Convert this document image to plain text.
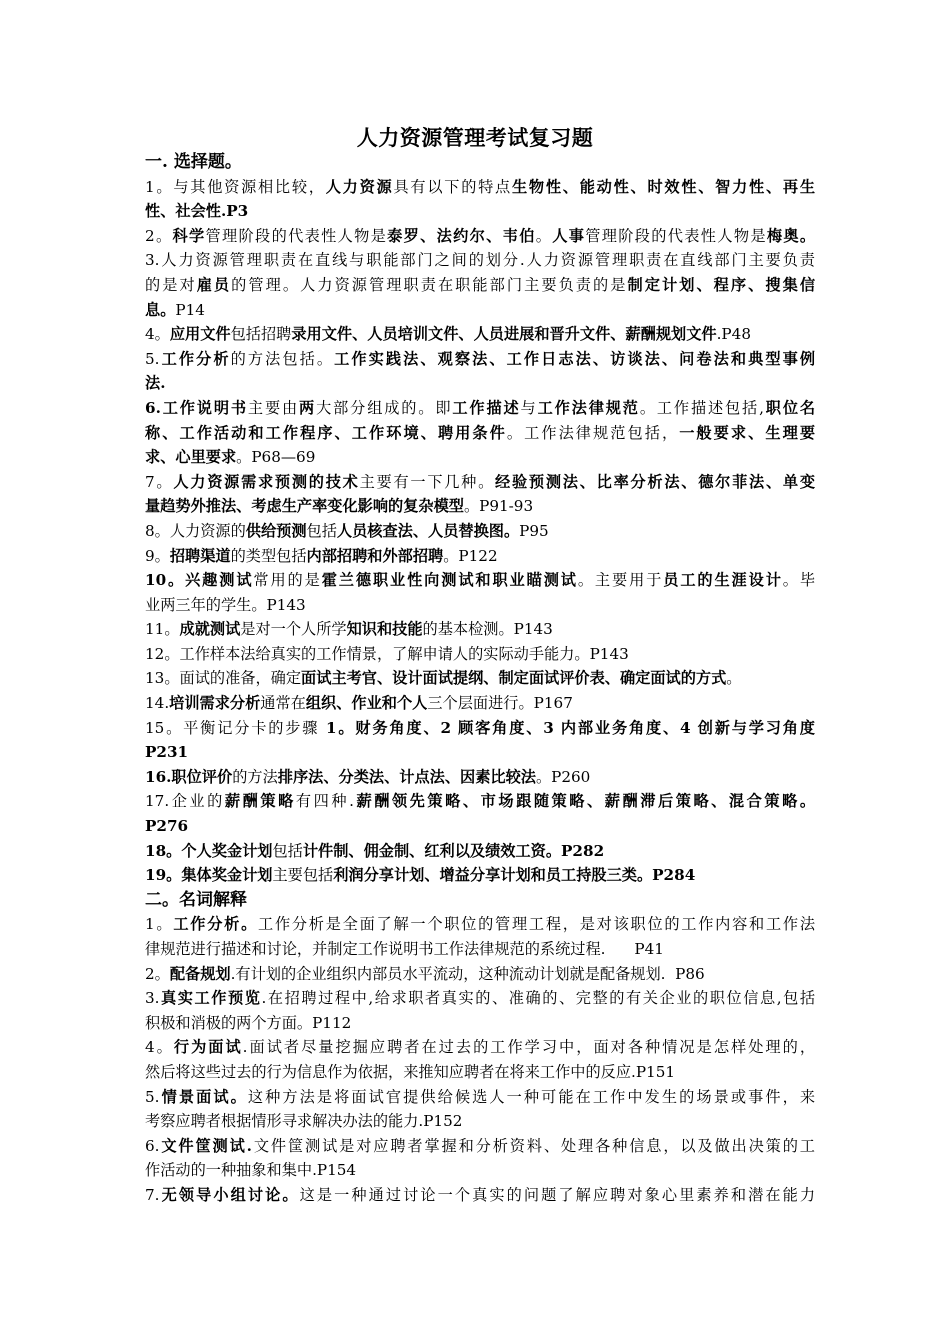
人力资源管理考试复习题
一. 选择题。

1。与其他资源相比较，人力资源具有以下的特点生物性、能动性、时效性、智力性、再生

性、社会性.P3

2。科学管理阶段的代表性人物是泰罗、法约尔、韦伯。人事管理阶段的代表性人物是梅奥。

3.人力资源管理职责在直线与职能部门之间的划分.人力资源管理职责在直线部门主要负责

的是对雇员的管理。人力资源管理职责在职能部门主要负责的是制定计划、程序、搜集信

息。P14

4。应用文件包括招聘录用文件、人员培训文件、人员进展和晋升文件、薪酬规划文件.P48

5.工作分析的方法包括。工作实践法、观察法、工作日志法、访谈法、问卷法和典型事例

法.

6.工作说明书主要由两大部分组成的。即工作描述与工作法律规范。工作描述包括,职位名

称、工作活动和工作程序、工作环境、聘用条件。工作法律规范包括，一般要求、生理要

求、心里要求。P68—69

7。人力资源需求预测的技术主要有一下几种。经验预测法、比率分析法、德尔菲法、单变

量趋势外推法、考虑生产率变化影响的复杂模型。P91-93

8。人力资源的供给预测包括人员核查法、人员替换图。P95

9。招聘渠道的类型包括内部招聘和外部招聘。P122

10。兴趣测试常用的是霍兰德职业性向测试和职业瞄测试。主要用于员工的生涯设计。毕

业两三年的学生。P143

11。成就测试是对一个人所学知识和技能的基本检测。P143

12。工作样本法给真实的工作情景，了解申请人的实际动手能力。P143

13。面试的准备，确定面试主考官、设计面试提纲、制定面试评价表、确定面试的方式。

14.培训需求分析通常在组织、作业和个人三个层面进行。P167

15。平衡记分卡的步骤 1。财务角度、2 顾客角度、3 内部业务角度、4 创新与学习角度

P231

16.职位评价的方法排序法、分类法、计点法、因素比较法。P260

17.企业的薪酬策略有四种.薪酬领先策略、市场跟随策略、薪酬滞后策略、混合策略。

P276

18。个人奖金计划包括计件制、佣金制、红利以及绩效工资。P282

19。集体奖金计划主要包括利润分享计划、增益分享计划和员工持股三类。P284

二。名词解释

1。工作分析。工作分析是全面了解一个职位的管理工程，是对该职位的工作内容和工作法

律规范进行描述和讨论，并制定工作说明书工作法律规范的系统过程.      P41

2。配备规划.有计划的企业组织内部员水平流动，这种流动计划就是配备规划.  P86

3.真实工作预览.在招聘过程中,给求职者真实的、准确的、完整的有关企业的职位信息,包括

积极和消极的两个方面。P112

4。行为面试.面试者尽量挖掘应聘者在过去的工作学习中，面对各种情况是怎样处理的，

然后将这些过去的行为信息作为依据，来推知应聘者在将来工作中的反应.P151

5.情景面试。这种方法是将面试官提供给候选人一种可能在工作中发生的场景或事件，来

考察应聘者根据情形寻求解决办法的能力.P152

6.文件筐测试.文件筐测试是对应聘者掌握和分析资料、处理各种信息，以及做出决策的工

作活动的一种抽象和集中.P154

7.无领导小组讨论。这是一种通过讨论一个真实的问题了解应聘对象心里素养和潜在能力
